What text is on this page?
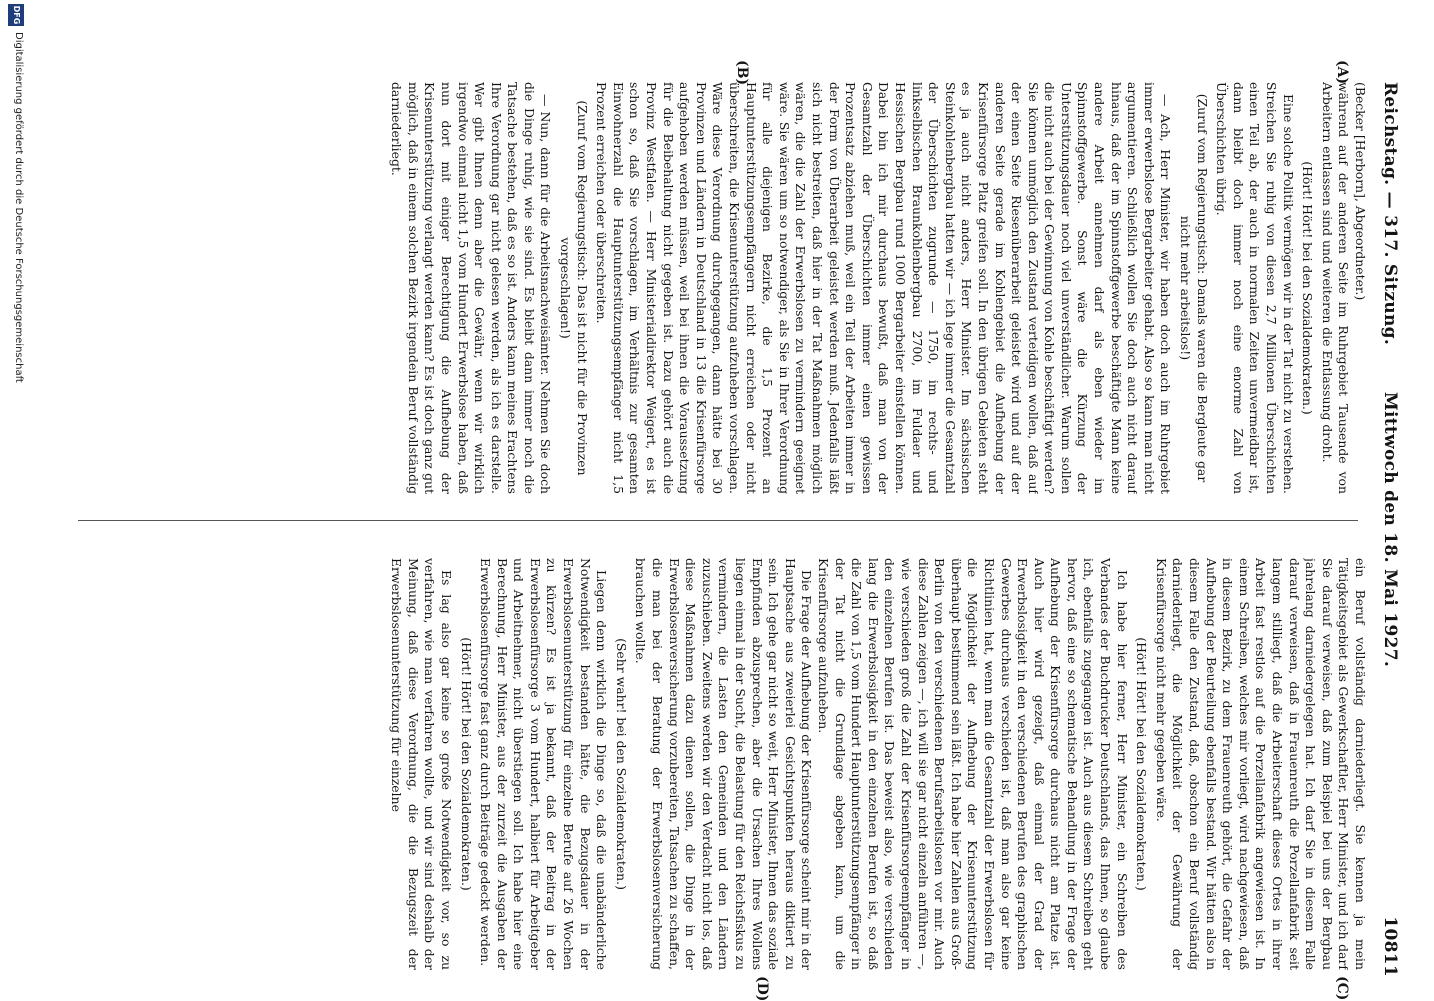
Reichstag. — 317. Sitzung.
Mittwoch den 18. Mai 1927.
10811
(A)
(B)
(C)
(D)

(Becker [Herborn], Abgeordneter.)

während auf der anderen Seite im Ruhrgebiet Tausende von Arbeitern entlassen sind und weiteren die Entlassung droht.

(Hört! Hört! bei den Sozialdemokraten.)

Eine solche Politik vermögen wir in der Tat nicht zu verstehen. Streichen Sie ruhig von diesen 2,7 Millionen Überschichten einen Teil ab, der auch in normalen Zeiten unvermeidbar ist, dann bleibt doch immer noch eine enorme Zahl von Überschichten übrig.

(Zuruf vom Regierungstisch: Damals waren die Bergleute gar nicht mehr arbeitslos!)

— Ach, Herr Minister, wir haben doch auch im Ruhrgebiet immer erwerbslose Bergarbeiter gehabt. Also so kann man nicht argumentieren. Schließlich wollen Sie doch auch nicht darauf hinaus, daß der im Spinnstoffgewerbe beschäftigte Mann keine andere Arbeit annehmen darf als eben wieder im Spinnstoffgewerbe. Sonst wäre die Kürzung der Unterstützungsdauer noch viel unverständlicher. Warum sollen die nicht auch bei der Gewinnung von Kohle beschäftigt werden? Sie können unmöglich den Zustand verteidigen wollen, daß auf der einen Seite Riesenüberarbeit geleistet wird und auf der anderen Seite gerade im Kohlengebiet die Aufhebung der Krisenfürsorge Platz greifen soll. In den übrigen Gebieten steht es ja auch nicht anders, Herr Minister. Im sächsischen Steinkohlenbergbau hatten wir — ich lege immer die Gesamtzahl der Überschichten zugrunde — 1750, im rechts- und linkselbischen Braunkohlenbergbau 2700, im Fuldaer und Hessischen Bergbau rund 1000 Bergarbeiter einstellen können. Dabei bin ich mir durchaus bewußt, daß man von der Gesamtzahl der Überschichten immer einen gewissen Prozentsatz abziehen muß, weil ein Teil der Arbeiten immer in der Form von Überarbeit geleistet werden muß. Jedenfalls läßt sich nicht bestreiten, daß hier in der Tat Maßnahmen möglich wären, die die Zahl der Erwerbslosen zu vermindern geeignet wäre. Sie wären um so notwendiger, als Sie in Ihrer Verordnung für alle diejenigen Bezirke, die 1,5 Prozent an Hauptunterstützungsempfängern nicht erreichen oder nicht überschreiten, die Krisenunterstützung aufzuheben vorschlagen. Wäre diese Verordnung durchgegangen, dann hätte bei 30 Provinzen und Ländern in Deutschland in 13 die Krisenfürsorge aufgehoben werden müssen, weil bei ihnen die Voraussetzung für die Beibehaltung nicht gegeben ist. Dazu gehört auch die Provinz Westfalen. — Herr Ministerialdirektor Weigert, es ist schon so, daß Sie vorschlagen, im Verhältnis zur gesamten Einwohnerzahl die Hauptunterstützungsempfänger nicht 1,5 Prozent erreichen oder überschreiten.

(Zuruf vom Regierungstisch: Das ist nicht für die Provinzen vorgeschlagen!)

— Nun, dann für die Arbeitsnachweisämter. Nehmen Sie doch die Dinge ruhig, wie sie sind. Es bleibt dann immer noch die Tatsache bestehen, daß es so ist. Anders kann meines Erachtens Ihre Verordnung gar nicht gelesen werden, als ich es darstelle. Wer gibt Ihnen denn aber die Gewähr, wenn wir wirklich irgendwo einmal nicht 1,5 vom Hundert Erwerbslose haben, daß nun dort mit einiger Berechtigung die Aufhebung der Krisenunterstützung verlangt werden kann? Es ist doch ganz gut möglich, daß in einem solchen Bezirk irgendein Beruf vollständig darniederliegt.

ein Beruf vollständig darniederliegt. Sie kennen ja mein Tätigkeitsgebiet als Gewerkschaftler, Herr Minister, und ich darf Sie darauf verweisen, daß zum Beispiel bei uns der Bergbau jahrelang darniedergelegen hat. Ich darf Sie in diesem Falle darauf verweisen, daß in Frauenreuth die Porzellanfabrik seit langem stilliegt, daß die Arbeiterschaft dieses Ortes in ihrer Arbeit fast restlos auf die Porzellanfabrik angewiesen ist. In einem Schreiben, welches mir vorliegt, wird nachgewiesen, daß in diesem Bezirk, zu dem Frauenreuth gehört, die Gefahr der Aufhebung der Beurteilung ebenfalls bestand. Wir hätten also in diesem Falle den Zustand, daß, obschon ein Beruf vollständig darniederliegt, die Möglichkeit der Gewährung der Krisenfürsorge nicht mehr gegeben wäre.

(Hört! Hört! bei den Sozialdemokraten.)

Ich habe hier ferner, Herr Minister, ein Schreiben des Verbandes der Buchdrucker Deutschlands, das Ihnen, so glaube ich, ebenfalls zugegangen ist. Auch aus diesem Schreiben geht hervor, daß eine so schematische Behandlung in der Frage der Aufhebung der Krisenfürsorge durchaus nicht am Platze ist. Auch hier wird gezeigt, daß einmal der Grad der Erwerbslosigkeit in den verschiedenen Berufen des graphischen Gewerbes durchaus verschieden ist, daß man also gar keine Richtlinien hat, wenn man die Gesamtzahl der Erwerbslosen für die Möglichkeit der Aufhebung der Krisenunterstützung überhaupt bestimmend sein läßt. Ich habe hier Zahlen aus Groß-Berlin von den verschiedenen Berufsarbeitslosen vor mir. Auch diese Zahlen zeigen —, ich will sie gar nicht einzeln anführen —, wie verschieden groß die Zahl der Krisenfürsorgeempfänger in den einzelnen Berufen ist. Das beweist also, wie verschieden lang die Erwerbslosigkeit in den einzelnen Berufen ist, so daß die Zahl von 1,5 vom Hundert Hauptunterstützungsempfänger in der Tat nicht die Grundlage abgeben kann, um die Krisenfürsorge aufzuheben.

Die Frage der Aufhebung der Krisenfürsorge scheint mir in der Hauptsache aus zweierlei Gesichtspunkten heraus diktiert zu sein. Ich gehe gar nicht so weit, Herr Minister, Ihnen das soziale Empfinden abzusprechen, aber die Ursachen Ihres Wollens liegen einmal in der Sucht, die Belastung für den Reichsfiskus zu vermindern, die Lasten den Gemeinden und den Ländern zuzuschieben. Zweitens werden wir den Verdacht nicht los, daß diese Maßnahmen dazu dienen sollen, die Dinge in der Erwerbslosenversicherung vorzubereiten, Tatsachen zu schaffen, die man bei der Beratung der Erwerbslosenversicherung brauchen wollte.

(Sehr wahr! bei den Sozialdemokraten.)

Liegen denn wirklich die Dinge so, daß die unabänderliche Notwendigkeit bestanden hätte, die Bezugsdauer in der Erwerbslosenunterstützung für einzelne Berufe auf 26 Wochen zu kürzen? Es ist ja bekannt, daß der Beitrag in der Erwerbslosenfürsorge 3 vom Hundert, halbiert für Arbeitgeber und Arbeitnehmer, nicht überstiegen soll. Ich habe hier eine Berechnung, Herr Minister, aus der zurzeit die Ausgaben der Erwerbslosenfürsorge fast ganz durch Beiträge gedeckt werden.

(Hört! Hört! bei den Sozialdemokraten.)

Es lag also gar keine so große Notwendigkeit vor, so zu verfahren, wie man verfahren wollte, und wir sind deshalb der Meinung, daß diese Verordnung, die die Bezugszeit der Erwerbslosenunterstützung für einzelne

DFG
Digitalisierung gefördert durch die Deutsche Forschungsgemeinschaft
